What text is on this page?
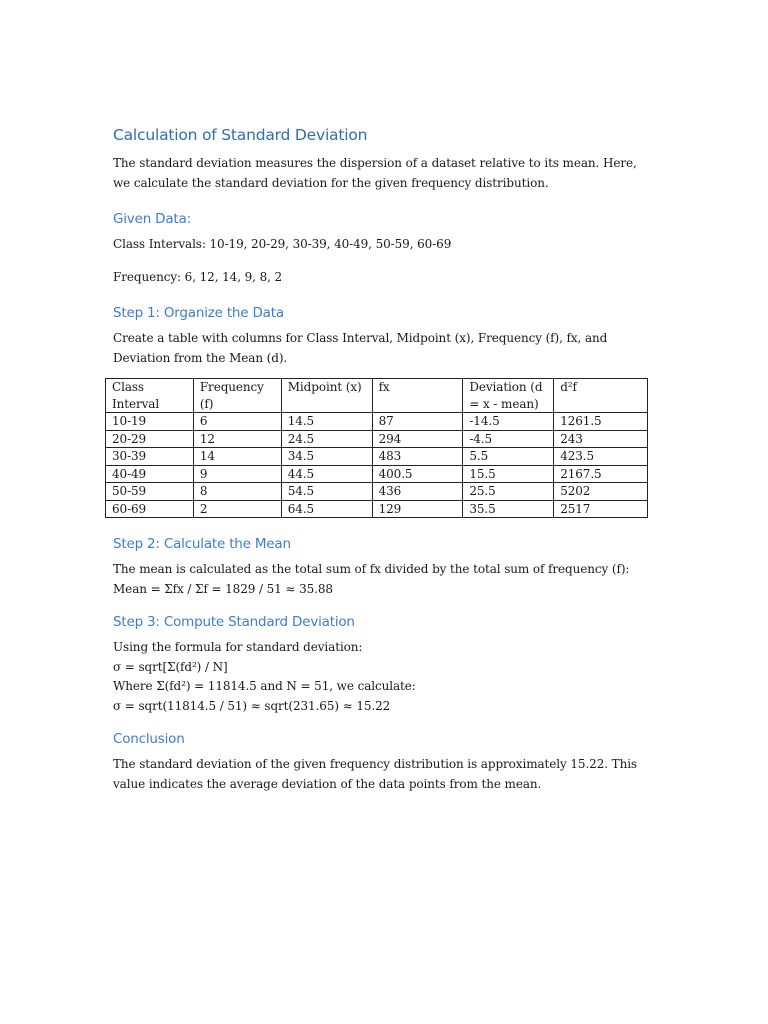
Calculation of Standard Deviation

The standard deviation measures the dispersion of a dataset relative to its mean. Here, we calculate the standard deviation for the given frequency distribution.

Given Data:

Class Intervals: 10-19, 20-29, 30-39, 40-49, 50-59, 60-69

Frequency: 6, 12, 14, 9, 8, 2

Step 1: Organize the Data

Create a table with columns for Class Interval, Midpoint (x), Frequency (f), fx, and Deviation from the Mean (d).

Class Interval	Frequency (f)	Midpoint (x)	fx	Deviation (d = x - mean)	d²f
10-19	6	14.5	87	-14.5	1261.5
20-29	12	24.5	294	-4.5	243
30-39	14	34.5	483	5.5	423.5
40-49	9	44.5	400.5	15.5	2167.5
50-59	8	54.5	436	25.5	5202
60-69	2	64.5	129	35.5	2517
Step 2: Calculate the Mean

The mean is calculated as the total sum of fx divided by the total sum of frequency (f):

Mean = Σfx / Σf = 1829 / 51 ≈ 35.88

Step 3: Compute Standard Deviation

Using the formula for standard deviation:

σ = sqrt[Σ(fd²) / N]

Where Σ(fd²) = 11814.5 and N = 51, we calculate:

σ = sqrt(11814.5 / 51) ≈ sqrt(231.65) ≈ 15.22

Conclusion

The standard deviation of the given frequency distribution is approximately 15.22. This value indicates the average deviation of the data points from the mean.
